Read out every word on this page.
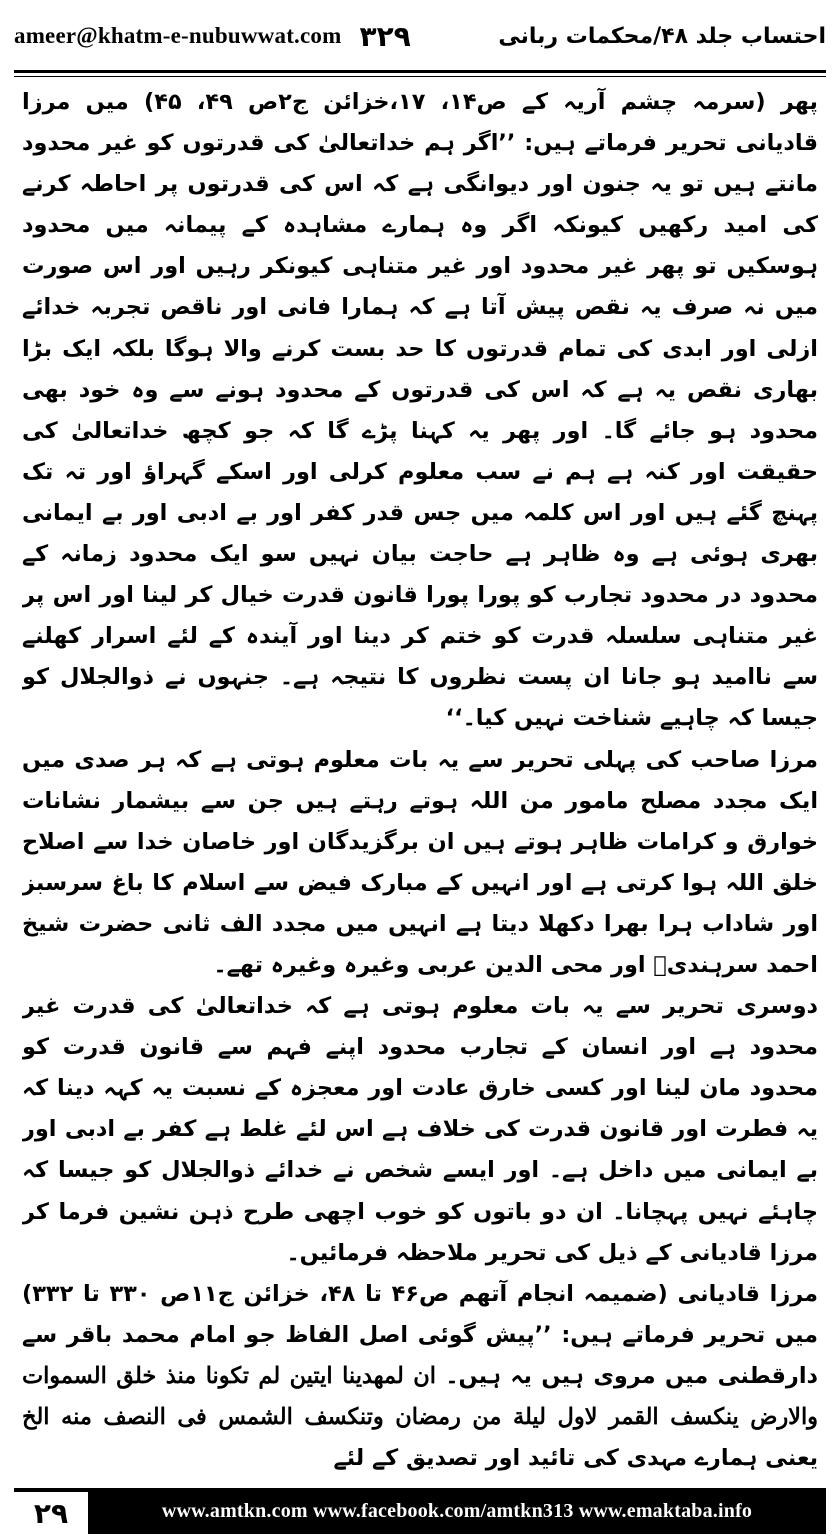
ameer@khatm-e-nubuwwat.com ۳۲۹	احتساب جلد ۴۸/محکمات ربانی

پھر (سرمہ چشم آریہ کے ص۱۴، ۱۷،خزائن ج۲ص ۴۹، ۴۵) میں مرزا قادیانی تحریر فرماتے ہیں: ’’اگر ہم خداتعالیٰ کی قدرتوں کو غیر محدود مانتے ہیں تو یہ جنون اور دیوانگی ہے کہ اس کی قدرتوں پر احاطہ کرنے کی امید رکھیں کیونکہ اگر وہ ہمارے مشاہدہ کے پیمانہ میں محدود ہوسکیں تو پھر غیر محدود اور غیر متناہی کیونکر رہیں اور اس صورت میں نہ صرف یہ نقص پیش آتا ہے کہ ہمارا فانی اور ناقص تجربہ خدائے ازلی اور ابدی کی تمام قدرتوں کا حد بست کرنے والا ہوگا بلکہ ایک بڑا بھاری نقص یہ ہے کہ اس کی قدرتوں کے محدود ہونے سے وہ خود بھی محدود ہو جائے گا۔ اور پھر یہ کہنا پڑے گا کہ جو کچھ خداتعالیٰ کی حقیقت اور کنہ ہے ہم نے سب معلوم کرلی اور اسکے گہراؤ اور تہ تک پہنچ گئے ہیں اور اس کلمہ میں جس قدر کفر اور بے ادبی اور بے ایمانی بھری ہوئی ہے وہ ظاہر ہے حاجت بیان نہیں سو ایک محدود زمانہ کے محدود در محدود تجارب کو پورا پورا قانون قدرت خیال کر لینا اور اس پر غیر متناہی سلسلہ قدرت کو ختم کر دینا اور آیندہ کے لئے اسرار کھلنے سے ناامید ہو جانا ان پست نظروں کا نتیجہ ہے۔ جنہوں نے ذوالجلال کو جیسا کہ چاہیے شناخت نہیں کیا۔‘‘

مرزا صاحب کی پہلی تحریر سے یہ بات معلوم ہوتی ہے کہ ہر صدی میں ایک مجدد مصلح مامور من اللہ ہوتے رہتے ہیں جن سے بیشمار نشانات خوارق و کرامات ظاہر ہوتے ہیں ان برگزیدگان اور خاصان خدا سے اصلاح خلق اللہ ہوا کرتی ہے اور انہیں کے مبارک فیض سے اسلام کا باغ سرسبز اور شاداب ہرا بھرا دکھلا دیتا ہے انہیں میں مجدد الف ثانی حضرت شیخ احمد سرہندیؒ اور محی الدین عربی وغیرہ وغیرہ تھے۔

دوسری تحریر سے یہ بات معلوم ہوتی ہے کہ خداتعالیٰ کی قدرت غیر محدود ہے اور انسان کے تجارب محدود اپنے فہم سے قانون قدرت کو محدود مان لینا اور کسی خارق عادت اور معجزہ کے نسبت یہ کہہ دینا کہ یہ فطرت اور قانون قدرت کی خلاف ہے اس لئے غلط ہے کفر بے ادبی اور بے ایمانی میں داخل ہے۔ اور ایسے شخص نے خدائے ذوالجلال کو جیسا کہ چاہئے نہیں پہچانا۔ ان دو باتوں کو خوب اچھی طرح ذہن نشین فرما کر مرزا قادیانی کے ذیل کی تحریر ملاحظہ فرمائیں۔

مرزا قادیانی (ضمیمہ انجام آتھم ص۴۶ تا ۴۸، خزائن ج۱۱ص ۳۳۰ تا ۳۳۲) میں تحریر فرماتے ہیں: ’’پیش گوئی اصل الفاظ جو امام محمد باقر سے دارقطنی میں مروی ہیں یہ ہیں۔ ان لمهدینا ایتین لم تکونا منذ خلق السموات والارض ینکسف القمر لاول لیلة من رمضان وتنکسف الشمس فی النصف منه الخ یعنی ہمارے مہدی کی تائید اور تصدیق کے لئے

۲۹	www.amtkn.com www.facebook.com/amtkn313 www.emaktaba.info
